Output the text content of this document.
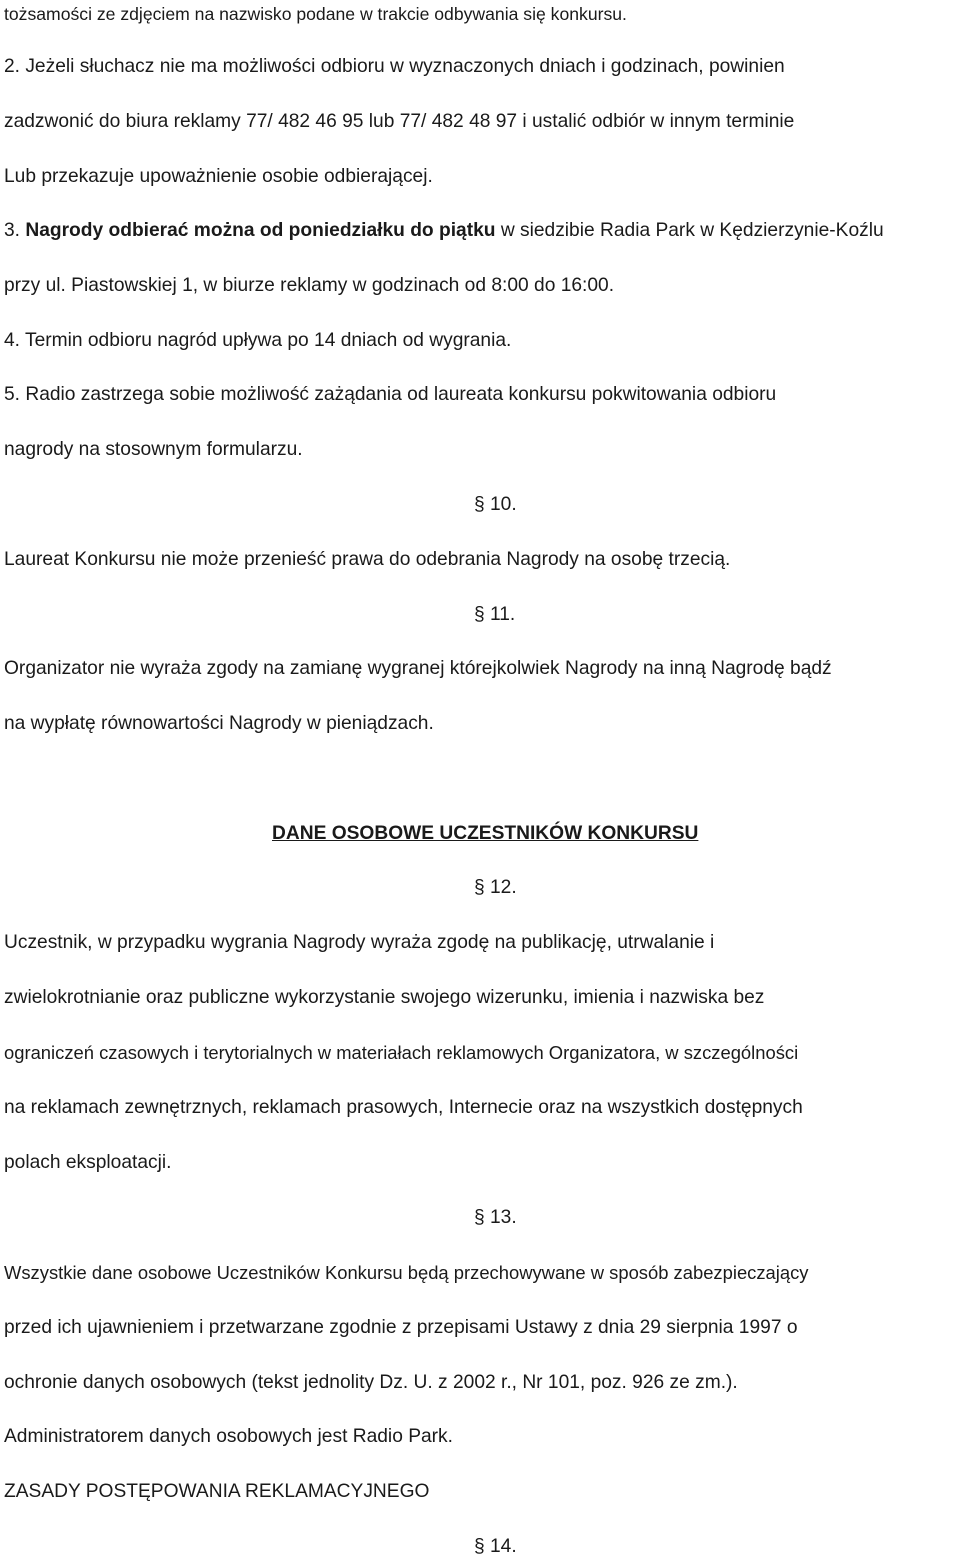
tożsamości ze zdjęciem na nazwisko podane w trakcie odbywania się konkursu.
2. Jeżeli słuchacz nie ma możliwości odbioru w wyznaczonych dniach i godzinach, powinien
zadzwonić do biura reklamy 77/ 482 46 95 lub 77/ 482 48 97 i ustalić odbiór w innym terminie
Lub przekazuje upoważnienie osobie odbierającej.
3. Nagrody odbierać można od poniedziałku do piątku w siedzibie Radia Park w Kędzierzynie-Koźlu
przy ul. Piastowskiej 1, w biurze reklamy w godzinach od 8:00 do 16:00.
4. Termin odbioru nagród upływa po 14 dniach od wygrania.
5. Radio zastrzega sobie możliwość zażądania od laureata konkursu pokwitowania odbioru
nagrody na stosownym formularzu.
§ 10.
Laureat Konkursu nie może przenieść prawa do odebrania Nagrody na osobę trzecią.
§ 11.
Organizator nie wyraża zgody na zamianę wygranej którejkolwiek Nagrody na inną Nagrodę bądź
na wypłatę równowartości Nagrody w pieniądzach.
DANE OSOBOWE UCZESTNIKÓW KONKURSU
§ 12.
Uczestnik, w przypadku wygrania Nagrody wyraża zgodę na publikację, utrwalanie i
zwielokrotnianie oraz publiczne wykorzystanie swojego wizerunku, imienia i nazwiska bez
ograniczeń czasowych i terytorialnych w materiałach reklamowych Organizatora, w szczególności
na reklamach zewnętrznych, reklamach prasowych, Internecie oraz na wszystkich dostępnych
polach eksploatacji.
§ 13.
Wszystkie dane osobowe Uczestników Konkursu będą przechowywane w sposób zabezpieczający
przed ich ujawnieniem i przetwarzane zgodnie z przepisami Ustawy z dnia 29 sierpnia 1997 o
ochronie danych osobowych (tekst jednolity Dz. U. z 2002 r., Nr 101, poz. 926 ze zm.).
Administratorem danych osobowych jest Radio Park.
ZASADY POSTĘPOWANIA REKLAMACYJNEGO
§ 14.
